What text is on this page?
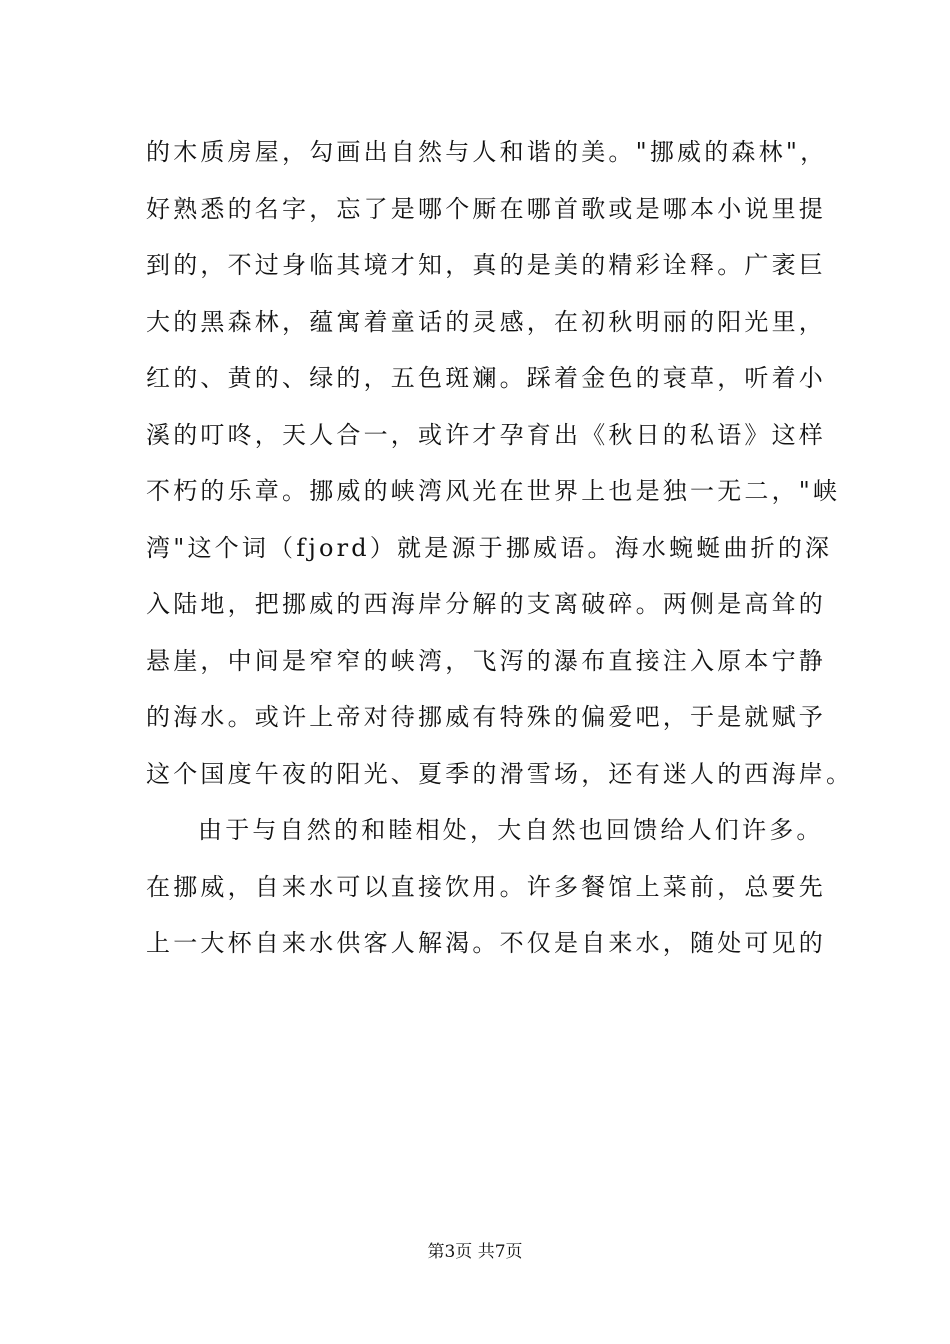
的木质房屋，勾画出自然与人和谐的美。"挪威的森林"，
好熟悉的名字，忘了是哪个厮在哪首歌或是哪本小说里提
到的，不过身临其境才知，真的是美的精彩诠释。广袤巨
大的黑森林，蕴寓着童话的灵感，在初秋明丽的阳光里，
红的、黄的、绿的，五色斑斓。踩着金色的衰草，听着小
溪的叮咚，天人合一，或许才孕育出《秋日的私语》这样
不朽的乐章。挪威的峡湾风光在世界上也是独一无二，"峡
湾"这个词（fjord）就是源于挪威语。海水蜿蜒曲折的深
入陆地，把挪威的西海岸分解的支离破碎。两侧是高耸的
悬崖，中间是窄窄的峡湾，飞泻的瀑布直接注入原本宁静
的海水。或许上帝对待挪威有特殊的偏爱吧，于是就赋予
这个国度午夜的阳光、夏季的滑雪场，还有迷人的西海岸。
由于与自然的和睦相处，大自然也回馈给人们许多。
在挪威，自来水可以直接饮用。许多餐馆上菜前，总要先
上一大杯自来水供客人解渴。不仅是自来水，随处可见的
第3页 共7页
